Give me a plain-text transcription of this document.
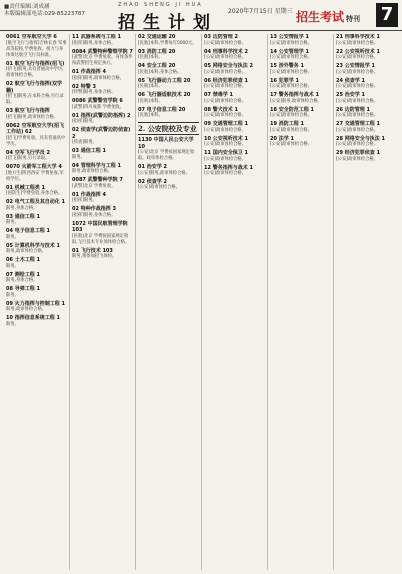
■责任编辑:刘成涵
本版编辑部电话:029-85223787
ZHAO SHENG JI HUA
招生计划
2020年7月15日 星期三 招生考试 特刊 7
0061 空军航空大学 6
[航空飞行与指挥]吉林长春 军事高等院校,学费免收。视力与身体须达航空飞行员标准。
01 航空飞行与指挥(招飞)
[招飞]限男,具有普通高中学历,政审体检合格。
02 航空飞行与指挥(双学籍)
[招飞]限男,在本科合格,另行录取。
03 航空飞行与指挥
[招飞]限男,政审体检合格。
0062 空军航空大学(招飞工作站) 62
[招飞]学费免收。具有普通高中学历。
04 空军飞行学员 2
[招飞]限男,另行录取。
0070 火箭军工程大学 4
[地方生]陕西西安 学费免收,军校学历。
01 机械工程类 1
[国防生]学费免收,身体合格。
02 电气工程及其自动化 1
限男,身体合格。
03 通信工程 1
限男。
04 电子信息工程 1
限男。
05 计算机科学与技术 1
限男,政审体检合格。
06 土木工程 1
限男。
07 测绘工程 1
限男,身体合格。
08 导弹工程 1
限男。
09 火力指挥与控制工程 1
限男,政审体检合格。
10 指挥信息系统工程 1
限男。
11 武器系统与工程 1
[指挥]限男,身体合格。
0084 武警特种警察学院 7
[武警]北京 学费免收。身体条件按武警招生规定执行。
01 作战指挥 4
[指挥]限男,政审体检合格。
02 特警 3
[特警]限男,身体合格。
0086 武警警官学院 6
[武警]四川成都 学费免收。
01 指挥(武警边防指挥) 2
[指挥]限男。
02 侦查学(武警边防侦查) 2
[侦查]限男。
03 通信工程 1
限男。
04 管理科学与工程 1
限男,政审体检合格。
0087 武警警种学院 7
[武警]北京 学费免收。
01 作战指挥 4
[指挥]限男。
02 特种作战指挥 3
[指挥]限男,身体合格。
1072 中国民航管理学院 103
[民航]北京 学费按国家规定收取,飞行技术专业须体检合格。
01 飞行技术 103
限男,须参加招飞体检。
02 交通运输 20
[民航]本科,学费每年5000元。
03 消防工程 20
[民航]本科。
04 安全工程 20
[民航]本科,身体合格。
05 飞行器动力工程 20
[民航]本科。
06 飞行器适航技术 20
[民航]本科。
07 电子信息工程 20
[民航]本科。
2. 公安院校及专业
1130 中国人民公安大学 10
[公安]北京 学费按国家规定收取。政审体检合格。
01 治安学 2
[公安]限男,政审体检合格。
02 侦查学 2
[公安]政审体检合格。
03 边防管理 2
[公安]政审体检合格。
04 刑事科学技术 2
[公安]政审体检合格。
05 网络安全与执法 2
[公安]政审体检合格。
06 经济犯罪侦查 1
[公安]政审体检合格。
07 禁毒学 1
[公安]政审体检合格。
08 警犬技术 1
[公安]政审体检合格。
09 交通管理工程 1
[公安]政审体检合格。
10 公安视听技术 1
[公安]政审体检合格。
11 国内安全保卫 1
[公安]政审体检合格。
12 警务指挥与战术 1
[公安]政审体检合格。
13 公安情报学 1
[公安]政审体检合格。
14 公安管理学 1
[公安]政审体检合格。
15 涉外警务 1
[公安]政审体检合格。
16 犯罪学 1
[公安]政审体检合格。
17 警务指挥与战术 1
[公安]限男,政审体检合格。
18 安全防范工程 1
[公安]政审体检合格。
19 消防工程 1
[公安]政审体检合格。
20 法学 1
[公安]政审体检合格。
21 刑事科学技术 1
[公安]政审体检合格。
22 公安视听技术 1
[公安]政审体检合格。
23 公安情报学 1
[公安]政审体检合格。
24 侦查学 1
[公安]政审体检合格。
25 治安学 1
[公安]政审体检合格。
26 边防管理 1
[公安]政审体检合格。
27 交通管理工程 1
[公安]政审体检合格。
28 网络安全与执法 1
[公安]政审体检合格。
29 经济犯罪侦查 1
[公安]政审体检合格。
